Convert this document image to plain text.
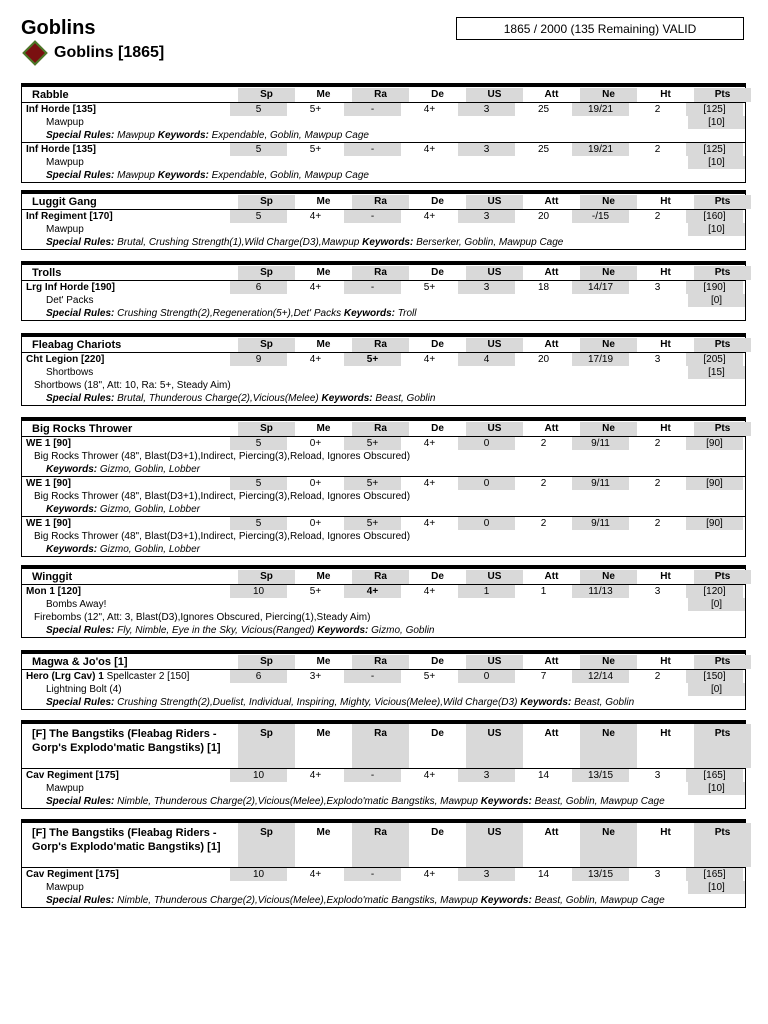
Goblins	1865 / 2000 (135 Remaining) VALID
Goblins [1865]
Rabble	Sp	Me	Ra	De	US	Att	Ne	Ht	Pts
Inf Horde [135]	5	5+	-	4+	3	25	19/21	2	[125]
Mawpup	[10]
Special Rules: Mawpup Keywords: Expendable, Goblin, Mawpup Cage
Inf Horde [135]	5	5+	-	4+	3	25	19/21	2	[125]
Mawpup	[10]
Special Rules: Mawpup Keywords: Expendable, Goblin, Mawpup Cage
Luggit Gang	Sp	Me	Ra	De	US	Att	Ne	Ht	Pts
Inf Regiment [170]	5	4+	-	4+	3	20	-/15	2	[160]
Mawpup	[10]
Special Rules: Brutal, Crushing Strength(1),Wild Charge(D3),Mawpup Keywords: Berserker, Goblin, Mawpup Cage
Trolls	Sp	Me	Ra	De	US	Att	Ne	Ht	Pts
Lrg Inf Horde [190]	6	4+	-	5+	3	18	14/17	3	[190]
Det' Packs	[0]
Special Rules: Crushing Strength(2),Regeneration(5+),Det' Packs Keywords: Troll
Fleabag Chariots	Sp	Me	Ra	De	US	Att	Ne	Ht	Pts
Cht Legion [220]	9	4+	5+	4+	4	20	17/19	3	[205]
Shortbows	[15]
Shortbows (18", Att: 10, Ra: 5+, Steady Aim)
Special Rules: Brutal, Thunderous Charge(2),Vicious(Melee) Keywords: Beast, Goblin
Big Rocks Thrower	Sp	Me	Ra	De	US	Att	Ne	Ht	Pts
WE 1 [90]	5	0+	5+	4+	0	2	9/11	2	[90]
Big Rocks Thrower (48", Blast(D3+1),Indirect, Piercing(3),Reload, Ignores Obscured)
Keywords: Gizmo, Goblin, Lobber
WE 1 [90]	5	0+	5+	4+	0	2	9/11	2	[90]
Big Rocks Thrower (48", Blast(D3+1),Indirect, Piercing(3),Reload, Ignores Obscured)
Keywords: Gizmo, Goblin, Lobber
WE 1 [90]	5	0+	5+	4+	0	2	9/11	2	[90]
Big Rocks Thrower (48", Blast(D3+1),Indirect, Piercing(3),Reload, Ignores Obscured)
Keywords: Gizmo, Goblin, Lobber
Winggit	Sp	Me	Ra	De	US	Att	Ne	Ht	Pts
Mon 1 [120]	10	5+	4+	4+	1	1	11/13	3	[120]
Bombs Away!	[0]
Firebombs (12", Att: 3, Blast(D3),Ignores Obscured, Piercing(1),Steady Aim)
Special Rules: Fly, Nimble, Eye in the Sky, Vicious(Ranged) Keywords: Gizmo, Goblin
Magwa & Jo'os [1]	Sp	Me	Ra	De	US	Att	Ne	Ht	Pts
Hero (Lrg Cav) 1 Spellcaster 2 [150]	6	3+	-	5+	0	7	12/14	2	[150]
Lightning Bolt (4)	[0]
Special Rules: Crushing Strength(2),Duelist, Individual, Inspiring, Mighty, Vicious(Melee),Wild Charge(D3) Keywords: Beast, Goblin
[F] The Bangstiks (Fleabag Riders - Gorp's Explodo'matic Bangstiks) [1]
Sp	Me	Ra	De	US	Att	Ne	Ht	Pts
Cav Regiment [175]	10	4+	-	4+	3	14	13/15	3	[165]
Mawpup	[10]
Special Rules: Nimble, Thunderous Charge(2),Vicious(Melee),Explodo'matic Bangstiks, Mawpup Keywords: Beast, Goblin, Mawpup Cage
[F] The Bangstiks (Fleabag Riders - Gorp's Explodo'matic Bangstiks) [1]
Sp	Me	Ra	De	US	Att	Ne	Ht	Pts
Cav Regiment [175]	10	4+	-	4+	3	14	13/15	3	[165]
Mawpup	[10]
Special Rules: Nimble, Thunderous Charge(2),Vicious(Melee),Explodo'matic Bangstiks, Mawpup Keywords: Beast, Goblin, Mawpup Cage
